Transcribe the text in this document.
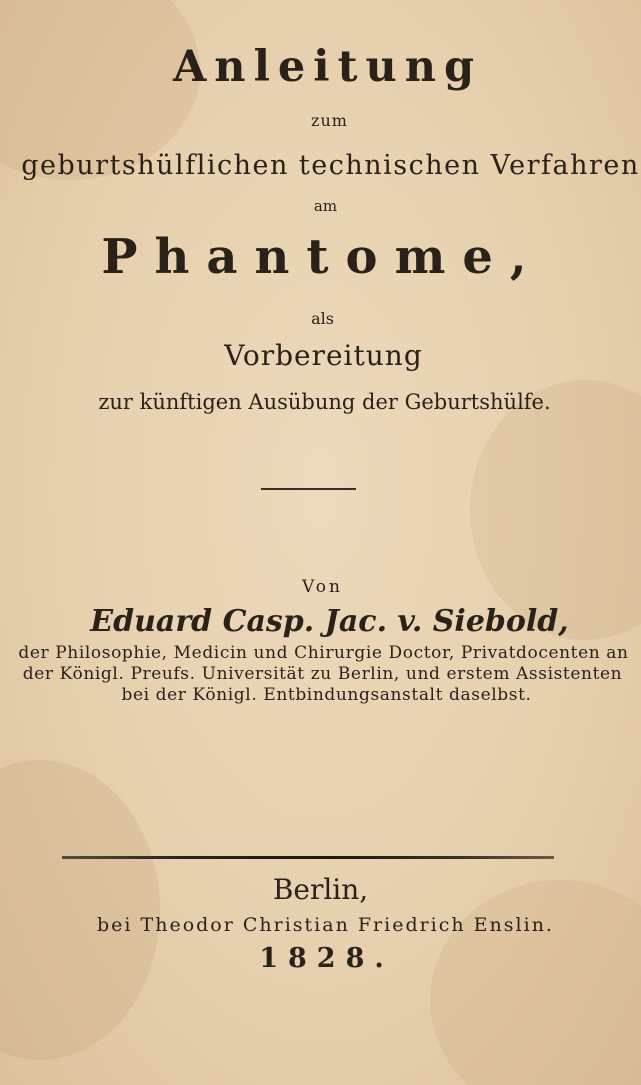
Anleitung
zum
geburtshülflichen technischen Verfahren
am
Phantome,
als
Vorbereitung
zur künftigen Ausübung der Geburtshülfe.
Von
Eduard Casp. Jac. v. Siebold,
der Philosophie, Medicin und Chirurgie Doctor, Privatdocenten an
der Königl. Preufs. Universität zu Berlin, und erstem Assistenten
bei der Königl. Entbindungsanstalt daselbst.
Berlin,
bei Theodor Christian Friedrich Enslin.
1828.
